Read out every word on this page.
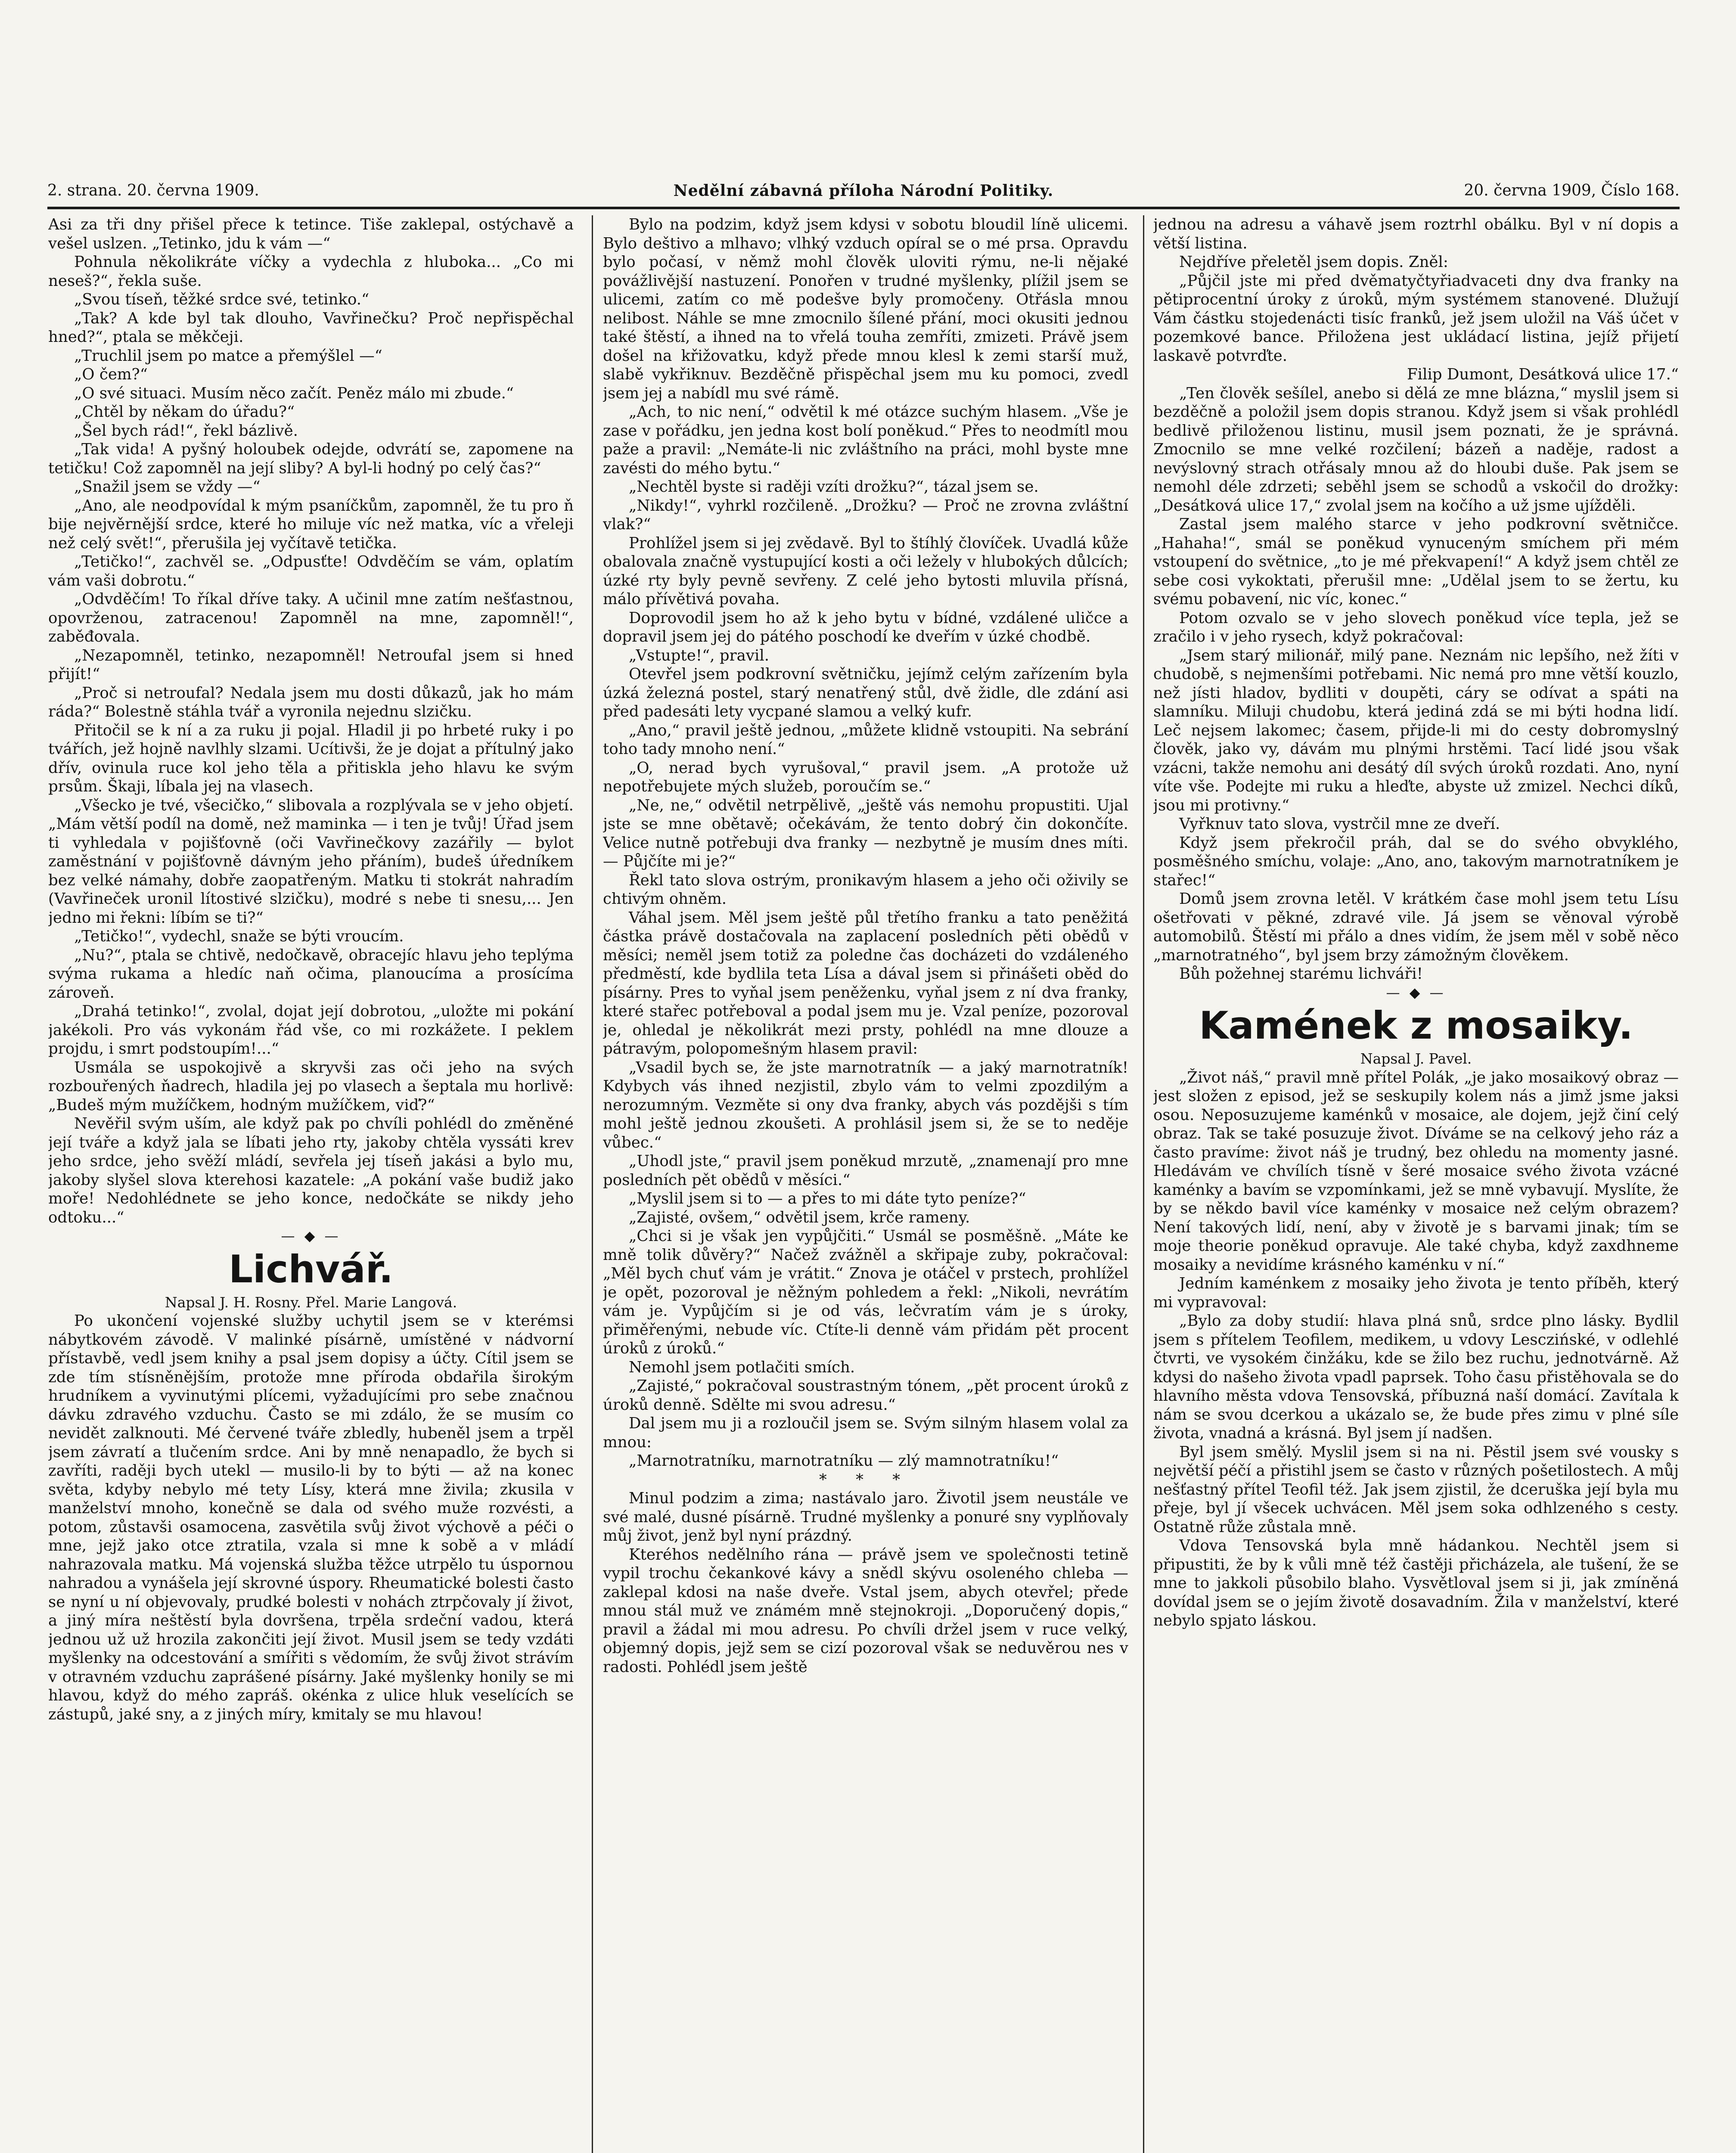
2. strana. 20. června 1909.	Nedělní zábavná příloha Národní Politiky.	20. června 1909, Číslo 168.

Asi za tři dny přišel přece k tetince. Tiše zaklepal, ostýchavě a vešel uslzen. „Tetinko, jdu k vám —“

Pohnula několikráte víčky a vydechla z hluboka... „Co mi neseš?“, řekla suše.

„Svou tíseň, těžké srdce své, tetinko.“

„Tak? A kde byl tak dlouho, Vavřinečku? Proč nepřispěchal hned?“, ptala se měkčeji.

„Truchlil jsem po matce a přemýšlel —“

„O čem?“

„O své situaci. Musím něco začít. Peněz málo mi zbude.“

„Chtěl by někam do úřadu?“

„Šel bych rád!“, řekl bázlivě.

„Tak vida! A pyšný holoubek odejde, odvrátí se, zapomene na tetičku! Což zapomněl na její sliby? A byl-li hodný po celý čas?“

„Snažil jsem se vždy —“

„Ano, ale neodpovídal k mým psaníčkům, zapomněl, že tu pro ň bije nejvěrnější srdce, které ho miluje víc než matka, víc a vřeleji než celý svět!“, přerušila jej vyčítavě tetička.

„Tetičko!“, zachvěl se. „Odpusťte! Odvděčím se vám, oplatím vám vaši dobrotu.“

„Odvděčím! To říkal dříve taky. A učinil mne zatím nešťastnou, opovrženou, zatracenou! Zapomněl na mne, zapomněl!“, zaběđovala.

„Nezapomněl, tetinko, nezapomněl! Netroufal jsem si hned přijít!“

„Proč si netroufal? Nedala jsem mu dosti důkazů, jak ho mám ráda?“ Bolestně stáhla tvář a vyronila nejednu slzičku.

Přitočil se k ní a za ruku ji pojal. Hladil ji po hrbeté ruky i po tvářích, jež hojně navlhly slzami. Ucítivši, že je dojat a přítulný jako dřív, ovinula ruce kol jeho těla a přitiskla jeho hlavu ke svým prsům. Škaji, líbala jej na vlasech.

„Všecko je tvé, všecičko,“ slibovala a rozplývala se v jeho objetí. „Mám větší podíl na domě, než maminka — i ten je tvůj! Úřad jsem ti vyhledala v pojišťovně (oči Vavřinečkovy zazářily — bylot zaměstnání v pojišťovně dávným jeho přáním), budeš úředníkem bez velké námahy, dobře zaopatřeným. Matku ti stokrát nahradím (Vavřineček uronil lítostivé slzičku), modré s nebe ti snesu,... Jen jedno mi řekni: líbím se ti?“

„Tetičko!“, vydechl, snaže se býti vroucím.

„Nu?“, ptala se chtivě, nedočkavě, obracejíc hlavu jeho teplýma svýma rukama a hledíc naň očima, planoucíma a prosícíma zároveň.

„Drahá tetinko!“, zvolal, dojat její dobrotou, „uložte mi pokání jakékoli. Pro vás vykonám řád vše, co mi rozkážete. I peklem projdu, i smrt podstoupím!...“

Usmála se uspokojivě a skryvši zas oči jeho na svých rozbouřených ňadrech, hladila jej po vlasech a šeptala mu horlivě: „Budeš mým mužíčkem, hodným mužíčkem, viď?“

Nevěřil svým uším, ale když pak po chvíli pohlédl do změněné její tváře a když jala se líbati jeho rty, jakoby chtěla vyssáti krev jeho srdce, jeho svěží mládí, sevřela jej tíseň jakási a bylo mu, jakoby slyšel slova kterehosi kazatele: „A pokání vaše budiž jako moře! Nedohlédnete se jeho konce, nedočkáte se nikdy jeho odtoku...“

— ◆ —

Lichvář.

Napsal J. H. Rosny. Přel. Marie Langová.

Po ukončení vojenské služby uchytil jsem se v kterémsi nábytkovém závodě. V malinké písárně, umístěné v nádvorní přístavbě, vedl jsem knihy a psal jsem dopisy a účty. Cítil jsem se zde tím stísněnějším, protože mne příroda obdařila širokým hrudníkem a vyvinutými plícemi, vyžadujícími pro sebe značnou dávku zdravého vzduchu. Často se mi zdálo, že se musím co nevidět zalknouti. Mé červené tváře zbledly, hubeněl jsem a trpěl jsem závratí a tlučením srdce. Ani by mně nenapadlo, že bych si zavříti, raději bych utekl — musilo-li by to býti — až na konec světa, kdyby nebylo mé tety Lísy, která mne živila; zkusila v manželství mnoho, konečně se dala od svého muže rozvésti, a potom, zůstavši osamocena, zasvětila svůj život výchově a péči o mne, jejž jako otce ztratila, vzala si mne k sobě a v mládí nahrazovala matku. Má vojenská služba těžce utrpělo tu úspornou nahradou a vynášela její skrovné úspory. Rheumatické bolesti často se nyní u ní objevovaly, prudké bolesti v nohách ztrpčovaly jí život, a jiný míra neštěstí byla dovršena, trpěla srdeční vadou, která jednou už už hrozila zakončiti její život. Musil jsem se tedy vzdáti myšlenky na odcestování a smířiti s vědomím, že svůj život strávím v otravném vzduchu zaprášené písárny. Jaké myšlenky honily se mi hlavou, když do mého zapráš. okénka z ulice hluk veselících se zástupů, jaké sny, a z jiných míry, kmitaly se mu hlavou!

Bylo na podzim, když jsem kdysi v sobotu bloudil líně ulicemi. Bylo deštivo a mlhavo; vlhký vzduch opíral se o mé prsa. Opravdu bylo počasí, v němž mohl člověk uloviti rýmu, ne-li nějaké povážlivější nastuzení. Ponořen v trudné myšlenky, plížil jsem se ulicemi, zatím co mě podešve byly promočeny. Otřásla mnou nelibost. Náhle se mne zmocnilo šílené přání, moci okusiti jednou také štěstí, a ihned na to vřelá touha zemříti, zmizeti. Právě jsem došel na křižovatku, když přede mnou klesl k zemi starší muž, slabě vykřiknuv. Bezděčně přispěchal jsem mu ku pomoci, zvedl jsem jej a nabídl mu své rámě.

„Ach, to nic není,“ odvětil k mé otázce suchým hlasem. „Vše je zase v pořádku, jen jedna kost bolí poněkud.“ Přes to neodmítl mou paže a pravil: „Nemáte-li nic zvláštního na práci, mohl byste mne zavésti do mého bytu.“

„Nechtěl byste si raději vzíti drožku?“, tázal jsem se.

„Nikdy!“, vyhrkl rozčileně. „Drožku? — Proč ne zrovna zvláštní vlak?“

Prohlížel jsem si jej zvědavě. Byl to štíhlý človíček. Uvadlá kůže obalovala značně vystupující kosti a oči ležely v hlubokých důlcích; úzké rty byly pevně sevřeny. Z celé jeho bytosti mluvila přísná, málo přívětivá povaha.

Doprovodil jsem ho až k jeho bytu v bídné, vzdálené uličce a dopravil jsem jej do pátého poschodí ke dveřím v úzké chodbě.

„Vstupte!“, pravil.

Otevřel jsem podkrovní světničku, jejímž celým zařízením byla úzká železná postel, starý nenatřený stůl, dvě židle, dle zdání asi před padesáti lety vycpané slamou a velký kufr.

„Ano,“ pravil ještě jednou, „můžete klidně vstoupiti. Na sebrání toho tady mnoho není.“

„O, nerad bych vyrušoval,“ pravil jsem. „A protože už nepotřebujete mých služeb, poroučím se.“

„Ne, ne,“ odvětil netrpělivě, „ještě vás nemohu propustiti. Ujal jste se mne obětavě; očekávám, že tento dobrý čin dokončíte. Velice nutně potřebuji dva franky — nezbytně je musím dnes míti. — Půjčíte mi je?“

Řekl tato slova ostrým, pronikavým hlasem a jeho oči oživily se chtivým ohněm.

Váhal jsem. Měl jsem ještě půl třetího franku a tato peněžitá částka právě dostačovala na zaplacení posledních pěti obědů v měsíci; neměl jsem totiž za poledne čas docházeti do vzdáleného předměstí, kde bydlila teta Lísa a dával jsem si přinášeti oběd do písárny. Pres to vyňal jsem peněženku, vyňal jsem z ní dva franky, které stařec potřeboval a podal jsem mu je. Vzal peníze, pozoroval je, ohledal je několikrát mezi prsty, pohlédl na mne dlouze a pátravým, polopomešným hlasem pravil:

„Vsadil bych se, že jste marnotratník — a jaký marnotratník! Kdybych vás ihned nezjistil, zbylo vám to velmi zpozdilým a nerozumným. Vezměte si ony dva franky, abych vás pozdějši s tím mohl ještě jednou zkoušeti. A prohlásil jsem si, že se to neděje vůbec.“

„Uhodl jste,“ pravil jsem poněkud mrzutě, „znamenají pro mne posledních pět obědů v měsíci.“

„Myslil jsem si to — a přes to mi dáte tyto peníze?“

„Zajisté, ovšem,“ odvětil jsem, krče rameny.

„Chci si je však jen vypůjčiti.“ Usmál se posměšně. „Máte ke mně tolik důvěry?“ Načež zvážněl a skřipaje zuby, pokračoval: „Měl bych chuť vám je vrátit.“ Znova je otáčel v prstech, prohlížel je opět, pozoroval je něžným pohledem a řekl: „Nikoli, nevrátím vám je. Vypůjčím si je od vás, lečvratím vám je s úroky, přiměřenými, nebude víc. Ctíte-li denně vám přidám pět procent úroků z úroků.“

Nemohl jsem potlačiti smích.

„Zajisté,“ pokračoval soustrastným tónem, „pět procent úroků z úroků denně. Sdělte mi svou adresu.“

Dal jsem mu ji a rozloučil jsem se. Svým silným hlasem volal za mnou:

„Marnotratníku, marnotratníku — zlý mamnotratníku!“

* * *

Minul podzim a zima; nastávalo jaro. Životil jsem neustále ve své malé, dusné písárně. Trudné myšlenky a ponuré sny vyplňovaly můj život, jenž byl nyní prázdný.

Kteréhos nedělního rána — právě jsem ve společnosti tetině vypil trochu čekankové kávy a snědl skývu osoleného chleba — zaklepal kdosi na naše dveře. Vstal jsem, abych otevřel; přede mnou stál muž ve známém mně stejnokroji. „Doporučený dopis,“ pravil a žádal mi mou adresu. Po chvíli držel jsem v ruce velký, objemný dopis, jejž sem se cizí pozoroval však se neduvěrou nes v radosti. Pohlédl jsem ještě

jednou na adresu a váhavě jsem roztrhl obálku. Byl v ní dopis a větší listina.

Nejdříve přeletěl jsem dopis. Zněl:

„Půjčil jste mi před dvěmatyčtyřiadvaceti dny dva franky na pětiprocentní úroky z úroků, mým systémem stanovené. Dlužují Vám částku stojedenácti tisíc franků, jež jsem uložil na Váš účet v pozemkové bance. Přiložena jest ukládací listina, jejíž přijetí laskavě potvrďte.

Filip Dumont, Desátková ulice 17.“

„Ten člověk sešílel, anebo si dělá ze mne blázna,“ myslil jsem si bezděčně a položil jsem dopis stranou. Když jsem si však prohlédl bedlivě přiloženou listinu, musil jsem poznati, že je správná. Zmocnilo se mne velké rozčilení; bázeň a naděje, radost a nevýslovný strach otřásaly mnou až do hloubi duše. Pak jsem se nemohl déle zdrzeti; seběhl jsem se schodů a vskočil do drožky: „Desátková ulice 17,“ zvolal jsem na kočího a už jsme ujížděli.

Zastal jsem malého starce v jeho podkrovní světničce. „Hahaha!“, smál se poněkud vynuceným smíchem při mém vstoupení do světnice, „to je mé překvapení!“ A když jsem chtěl ze sebe cosi vykoktati, přerušil mne: „Udělal jsem to se žertu, ku svému pobavení, nic víc, konec.“

Potom ozvalo se v jeho slovech poněkud více tepla, jež se zračilo i v jeho rysech, když pokračoval:

„Jsem starý milionář, milý pane. Neznám nic lepšího, než žíti v chudobě, s nejmenšími potřebami. Nic nemá pro mne větší kouzlo, než jísti hladov, bydliti v doupěti, cáry se odívat a spáti na slamníku. Miluji chudobu, která jediná zdá se mi býti hodna lidí. Leč nejsem lakomec; časem, přijde-li mi do cesty dobromyslný člověk, jako vy, dávám mu plnými hrstěmi. Tací lidé jsou však vzácni, takže nemohu ani desátý díl svých úroků rozdati. Ano, nyní víte vše. Podejte mi ruku a hleďte, abyste už zmizel. Nechci díků, jsou mi protivny.“

Vyřknuv tato slova, vystrčil mne ze dveří.

Když jsem překročil práh, dal se do svého obvyklého, posměšného smíchu, volaje: „Ano, ano, takovým marnotratníkem je stařec!“

Domů jsem zrovna letěl. V krátkém čase mohl jsem tetu Lísu ošetřovati v pěkné, zdravé vile. Já jsem se věnoval výrobě automobilů. Štěstí mi přálo a dnes vidím, že jsem měl v sobě něco „marnotratného“, byl jsem brzy zámožným člověkem.

Bůh požehnej starému lichváři!

— ◆ —

Kamének z mosaiky.

Napsal J. Pavel.

„Život náš,“ pravil mně přítel Polák, „je jako mosaikový obraz — jest složen z episod, jež se seskupily kolem nás a jimž jsme jaksi osou. Neposuzujeme kaménků v mosaice, ale dojem, jejž činí celý obraz. Tak se také posuzuje život. Díváme se na celkový jeho ráz a často pravíme: život náš je trudný, bez ohledu na momenty jasné. Hledávám ve chvílích tísně v šeré mosaice svého života vzácné kaménky a bavím se vzpomínkami, jež se mně vybavují. Myslíte, že by se někdo bavil více kaménky v mosaice než celým obrazem? Není takových lidí, není, aby v životě je s barvami jinak; tím se moje theorie poněkud opravuje. Ale také chyba, když zaxdhneme mosaiky a nevidíme krásného kaménku v ní.“

Jedním kaménkem z mosaiky jeho života je tento příběh, který mi vypravoval:

„Bylo za doby studií: hlava plná snů, srdce plno lásky. Bydlil jsem s přítelem Teofilem, medikem, u vdovy Lesczińské, v odlehlé čtvrti, ve vysokém činžáku, kde se žilo bez ruchu, jednotvárně. Až kdysi do našeho života vpadl paprsek. Toho času přistěhovala se do hlavního města vdova Tensovská, příbuzná naší domácí. Zavítala k nám se svou dcerkou a ukázalo se, že bude přes zimu v plné síle života, vnadná a krásná. Byl jsem jí nadšen.

Byl jsem smělý. Myslil jsem si na ni. Pěstil jsem své vousky s největší péčí a přistihl jsem se často v různých pošetilostech. A můj nešťastný přítel Teofil též. Jak jsem zjistil, že dceruška její byla mu přeje, byl jí všecek uchvácen. Měl jsem sokа odhlzeného s cesty. Ostatně růže zůstala mně.

Vdova Tensovská byla mně hádankou. Nechtěl jsem si připustiti, že by k vůli mně též častěji přicházela, ale tušení, že se mne to jakkoli působilo blaho. Vysvětloval jsem si ji, jak zmíněná dovídal jsem se o jejím životě dosavadním. Žila v manželství, které nebylo spjato láskou.
